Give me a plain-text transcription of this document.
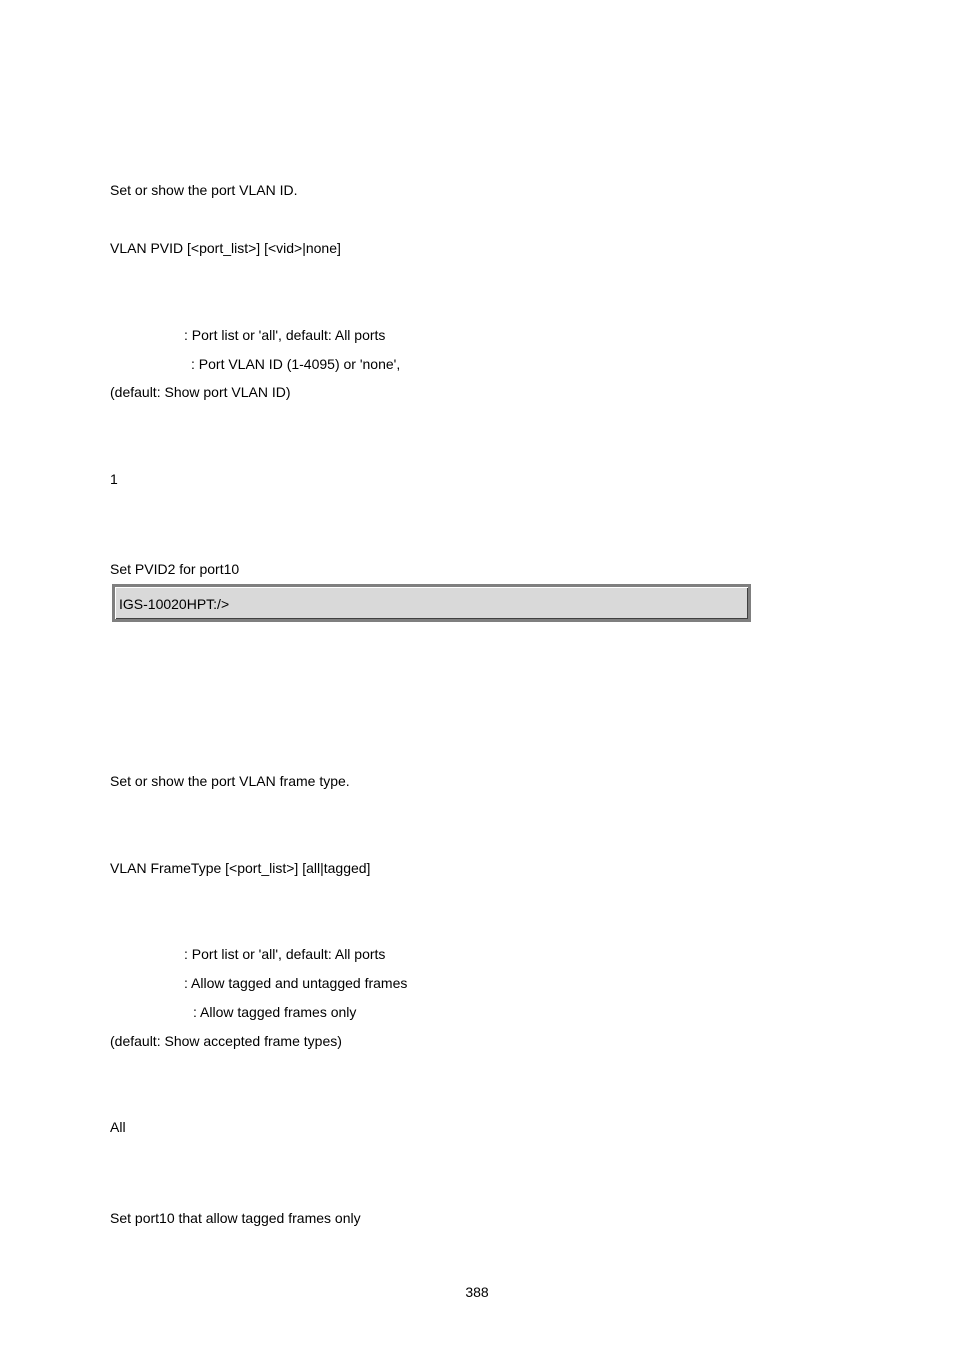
Set or show the port VLAN ID.
VLAN PVID [<port_list>] [<vid>|none]
: Port list or 'all', default: All ports
: Port VLAN ID (1-4095) or 'none',
(default: Show port VLAN ID)
1
Set PVID2 for port10
IGS-10020HPT:/>
Set or show the port VLAN frame type.
VLAN FrameType [<port_list>] [all|tagged]
: Port list or 'all', default: All ports
: Allow tagged and untagged frames
: Allow tagged frames only
(default: Show accepted frame types)
All
Set port10 that allow tagged frames only
388
